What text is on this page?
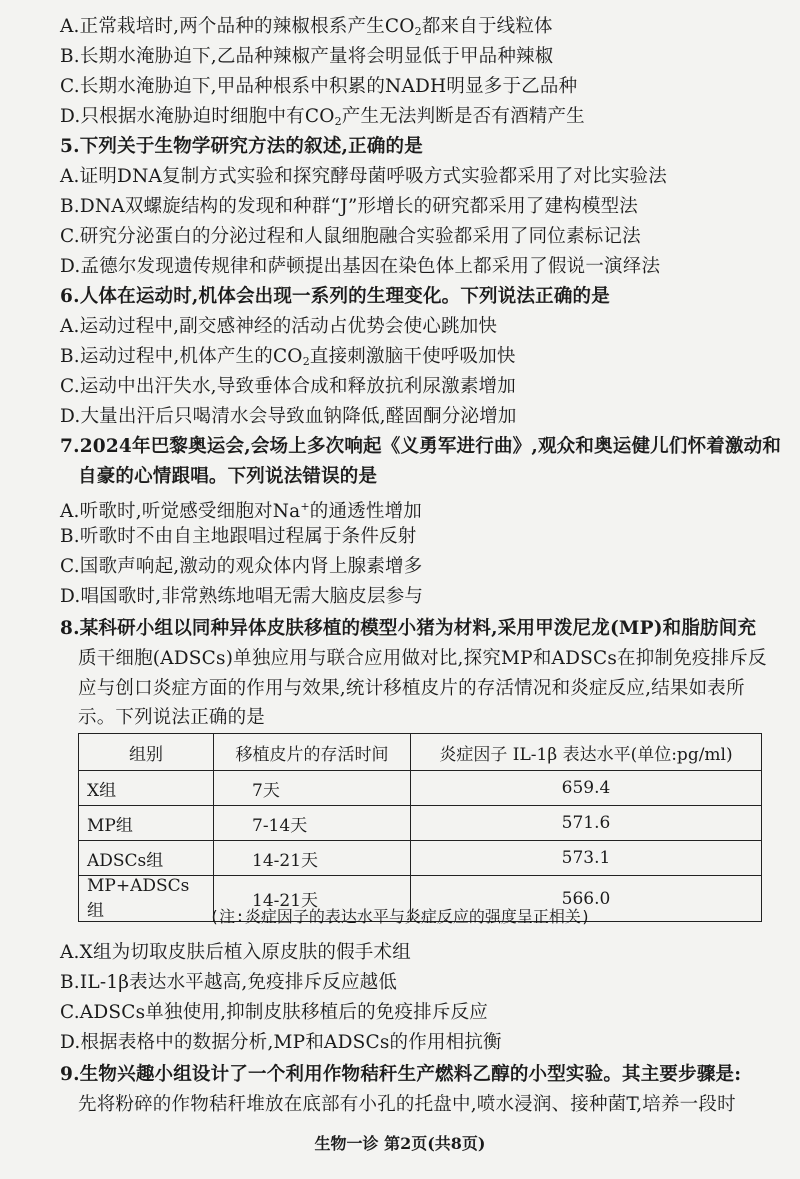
A.正常栽培时,两个品种的辣椒根系产生$CO_2$都来自于线粒体
B.长期水淹胁迫下,乙品种辣椒产量将会明显低于甲品种辣椒
C.长期水淹胁迫下,甲品种根系中积累的NADH明显多于乙品种
D.只根据水淹胁迫时细胞中有$CO_2$产生无法判断是否有酒精产生
5.下列关于生物学研究方法的叙述,正确的是
A.证明DNA复制方式实验和探究酵母菌呼吸方式实验都采用了对比实验法
B.DNA双螺旋结构的发现和种群“J”形增长的研究都采用了建构模型法
C.研究分泌蛋白的分泌过程和人鼠细胞融合实验都采用了同位素标记法
D.孟德尔发现遗传规律和萨顿提出基因在染色体上都采用了假说一演绎法
6.人体在运动时,机体会出现一系列的生理变化。下列说法正确的是
A.运动过程中,副交感神经的活动占优势会使心跳加快
B.运动过程中,机体产生的$CO_2$直接刺激脑干使呼吸加快
C.运动中出汗失水,导致垂体合成和释放抗利尿激素增加
D.大量出汗后只喝清水会导致血钠降低,醛固酮分泌增加
7.2024年巴黎奥运会,会场上多次响起《义勇军进行曲》,观众和奥运健儿们怀着激动和
自豪的心情跟唱。下列说法错误的是
A.听歌时,听觉感受细胞对Na+的通透性增加
B.听歌时不由自主地跟唱过程属于条件反射
C.国歌声响起,激动的观众体内肾上腺素增多
D.唱国歌时,非常熟练地唱无需大脑皮层参与
8.某科研小组以同种异体皮肤移植的模型小猪为材料,采用甲泼尼龙(MP)和脂肪间充
质干细胞(ADSCs)单独应用与联合应用做对比,探究MP和ADSCs在抑制免疫排斥反
应与创口炎症方面的作用与效果,统计移植皮片的存活情况和炎症反应,结果如表所
示。下列说法正确的是
组别	移植皮片的存活时间	炎症因子 IL-1β 表达水平(单位:pg/ml)
X组	7天	659.4
MP组	7-14天	571.6
ADSCs组	14-21天	573.1
MP+ADSCs组	14-21天	566.0
(注:炎症因子的表达水平与炎症反应的强度呈正相关)
A.X组为切取皮肤后植入原皮肤的假手术组
B.IL-1β表达水平越高,免疫排斥反应越低
C.ADSCs单独使用,抑制皮肤移植后的免疫排斥反应
D.根据表格中的数据分析,MP和ADSCs的作用相抗衡
9.生物兴趣小组设计了一个利用作物秸秆生产燃料乙醇的小型实验。其主要步骤是:
先将粉碎的作物秸秆堆放在底部有小孔的托盘中,喷水浸润、接种菌T,培养一段时
生物一诊 第2页(共8页)
